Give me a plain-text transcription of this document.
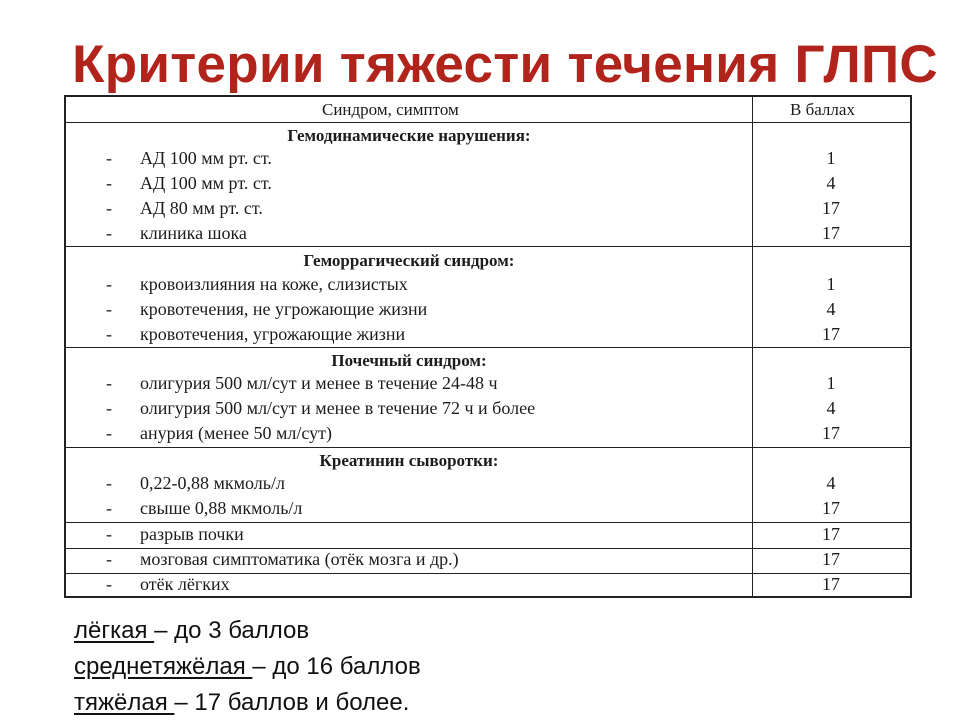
Критерии тяжести течения ГЛПС
Синдром, симптом	В баллах
Гемодинамические нарушения:
- АД 100 мм рт. ст.	1
- АД 100 мм рт. ст.	4
- АД 80 мм рт. ст.	17
- клиника шока	17
Геморрагический синдром:
- кровоизлияния на коже, слизистых	1
- кровотечения, не угрожающие жизни	4
- кровотечения, угрожающие жизни	17
Почечный синдром:
- олигурия 500 мл/сут и менее в течение 24-48 ч	1
- олигурия 500 мл/сут и менее в течение 72 ч и более	4
- анурия (менее 50 мл/сут)	17
Креатинин сыворотки:
- 0,22-0,88 мкмоль/л	4
- свыше 0,88 мкмоль/л	17
- разрыв почки	17
- мозговая симптоматика (отёк мозга и др.)	17
- отёк лёгких	17
лёгкая – до 3 баллов
среднетяжёлая – до 16 баллов
тяжёлая – 17 баллов и более.
